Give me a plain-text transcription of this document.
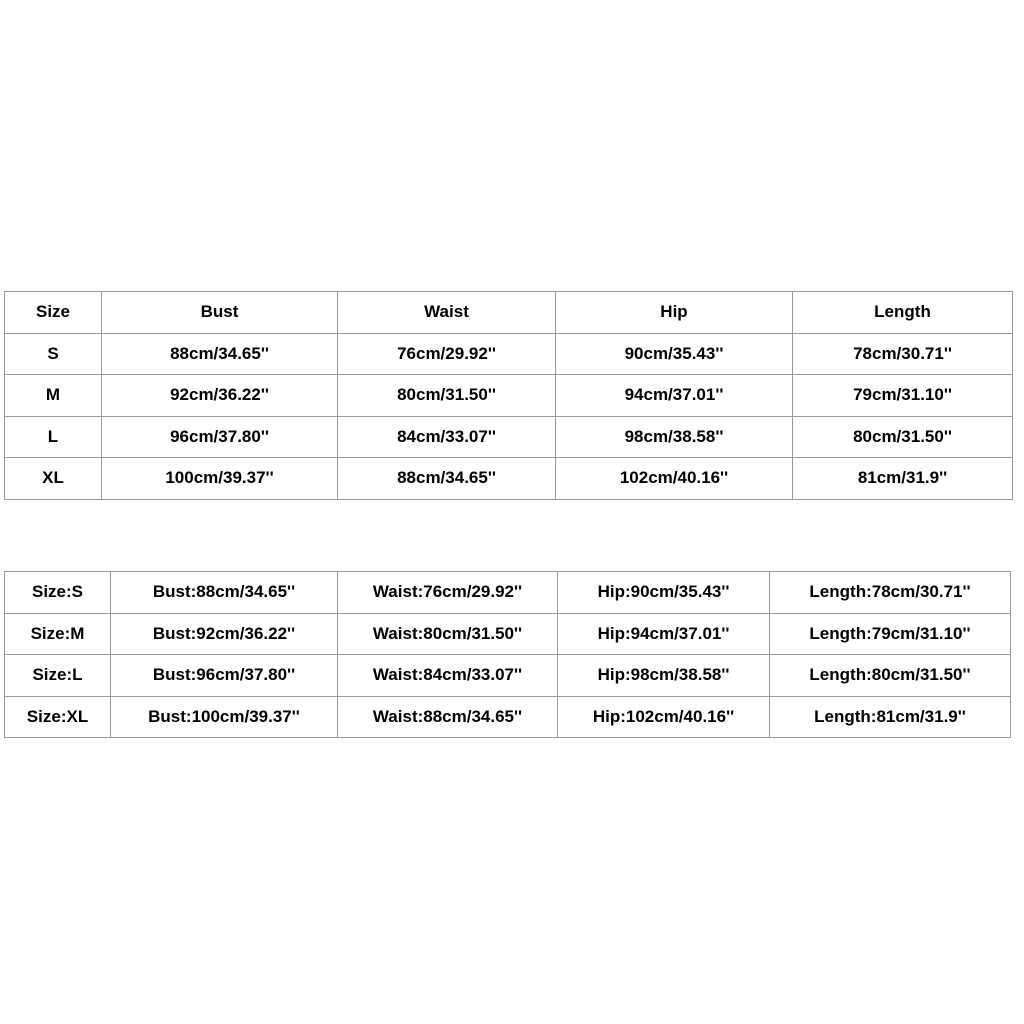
Size	Bust	Waist	Hip	Length
S	88cm/34.65''	76cm/29.92''	90cm/35.43''	78cm/30.71''
M	92cm/36.22''	80cm/31.50''	94cm/37.01''	79cm/31.10''
L	96cm/37.80''	84cm/33.07''	98cm/38.58''	80cm/31.50''
XL	100cm/39.37''	88cm/34.65''	102cm/40.16''	81cm/31.9''
Size:S	Bust:88cm/34.65''	Waist:76cm/29.92''	Hip:90cm/35.43''	Length:78cm/30.71''
Size:M	Bust:92cm/36.22''	Waist:80cm/31.50''	Hip:94cm/37.01''	Length:79cm/31.10''
Size:L	Bust:96cm/37.80''	Waist:84cm/33.07''	Hip:98cm/38.58''	Length:80cm/31.50''
Size:XL	Bust:100cm/39.37''	Waist:88cm/34.65''	Hip:102cm/40.16''	Length:81cm/31.9''
